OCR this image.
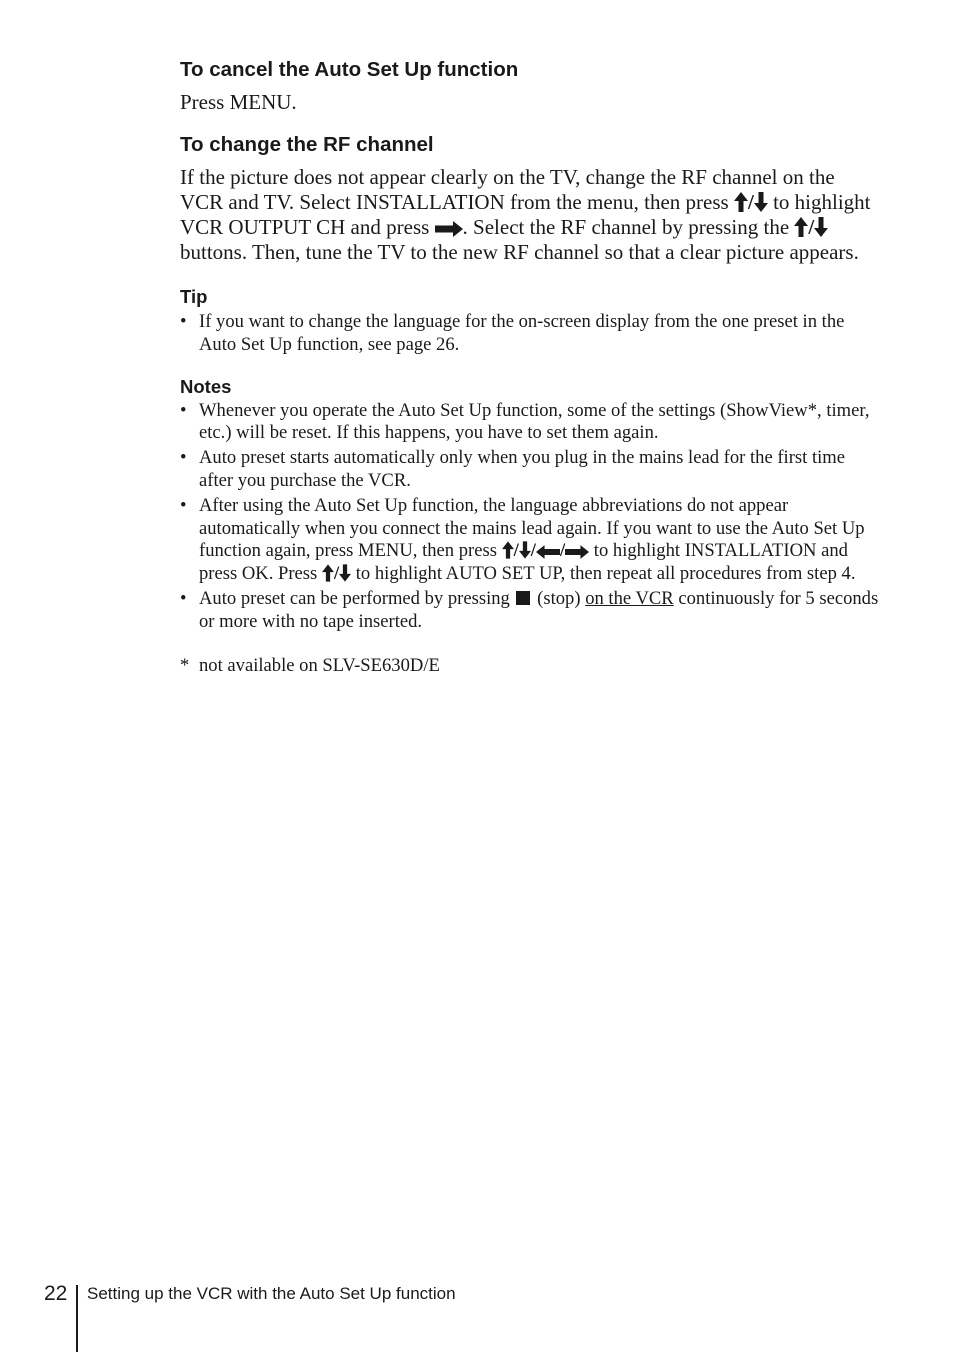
To cancel the Auto Set Up function

Press MENU.

To change the RF channel

If the picture does not appear clearly on the TV, change the RF channel on the VCR and TV. Select INSTALLATION from the menu, then press / to highlight VCR OUTPUT CH and press . Select the RF channel by pressing the / buttons. Then, tune the TV to the new RF channel so that a clear picture appears.

Tip
• If you want to change the language for the on-screen display from the one preset in the Auto Set Up function, see page 26.
Notes
• Whenever you operate the Auto Set Up function, some of the settings (ShowView*, timer, etc.) will be reset. If this happens, you have to set them again.
• Auto preset starts automatically only when you plug in the mains lead for the first time after you purchase the VCR.
• After using the Auto Set Up function, the language abbreviations do not appear automatically when you connect the mains lead again. If you want to use the Auto Set Up function again, press MENU, then press / / / to highlight INSTALLATION and press OK. Press / to highlight AUTO SET UP, then repeat all procedures from step 4.
• Auto preset can be performed by pressing (stop) on the VCR continuously for 5 seconds or more with no tape inserted.
* not available on SLV-SE630D/E
22 Setting up the VCR with the Auto Set Up function
